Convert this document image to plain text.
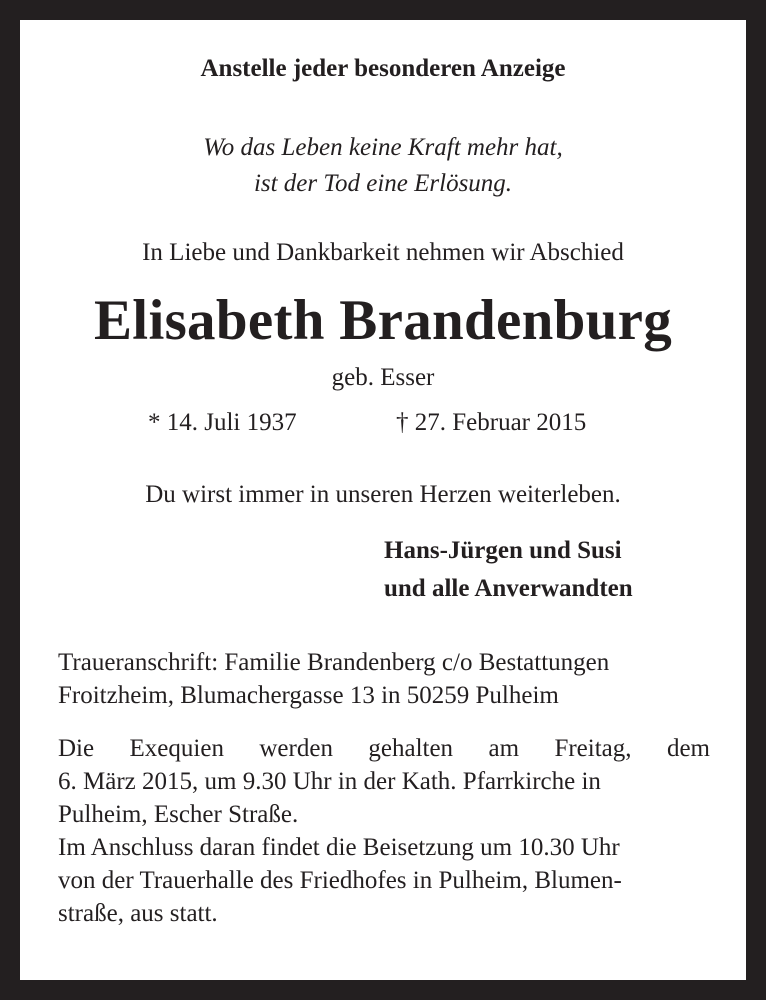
Anstelle jeder besonderen Anzeige

Wo das Leben keine Kraft mehr hat,
ist der Tod eine Erlösung.

In Liebe und Dankbarkeit nehmen wir Abschied

Elisabeth Brandenburg

geb. Esser

* 14. Juli 1937	† 27. Februar 2015

Du wirst immer in unseren Herzen weiterleben.

Hans-Jürgen und Susi
und alle Anverwandten
Traueranschrift: Familie Brandenberg c/o Bestattungen
Froitzheim, Blumachergasse 13 in 50259 Pulheim
Die Exequien werden gehalten am Freitag, dem
6. März 2015, um 9.30 Uhr in der Kath. Pfarrkirche in
Pulheim, Escher Straße.
Im Anschluss daran findet die Beisetzung um 10.30 Uhr
von der Trauerhalle des Friedhofes in Pulheim, Blumen-
straße, aus statt.
